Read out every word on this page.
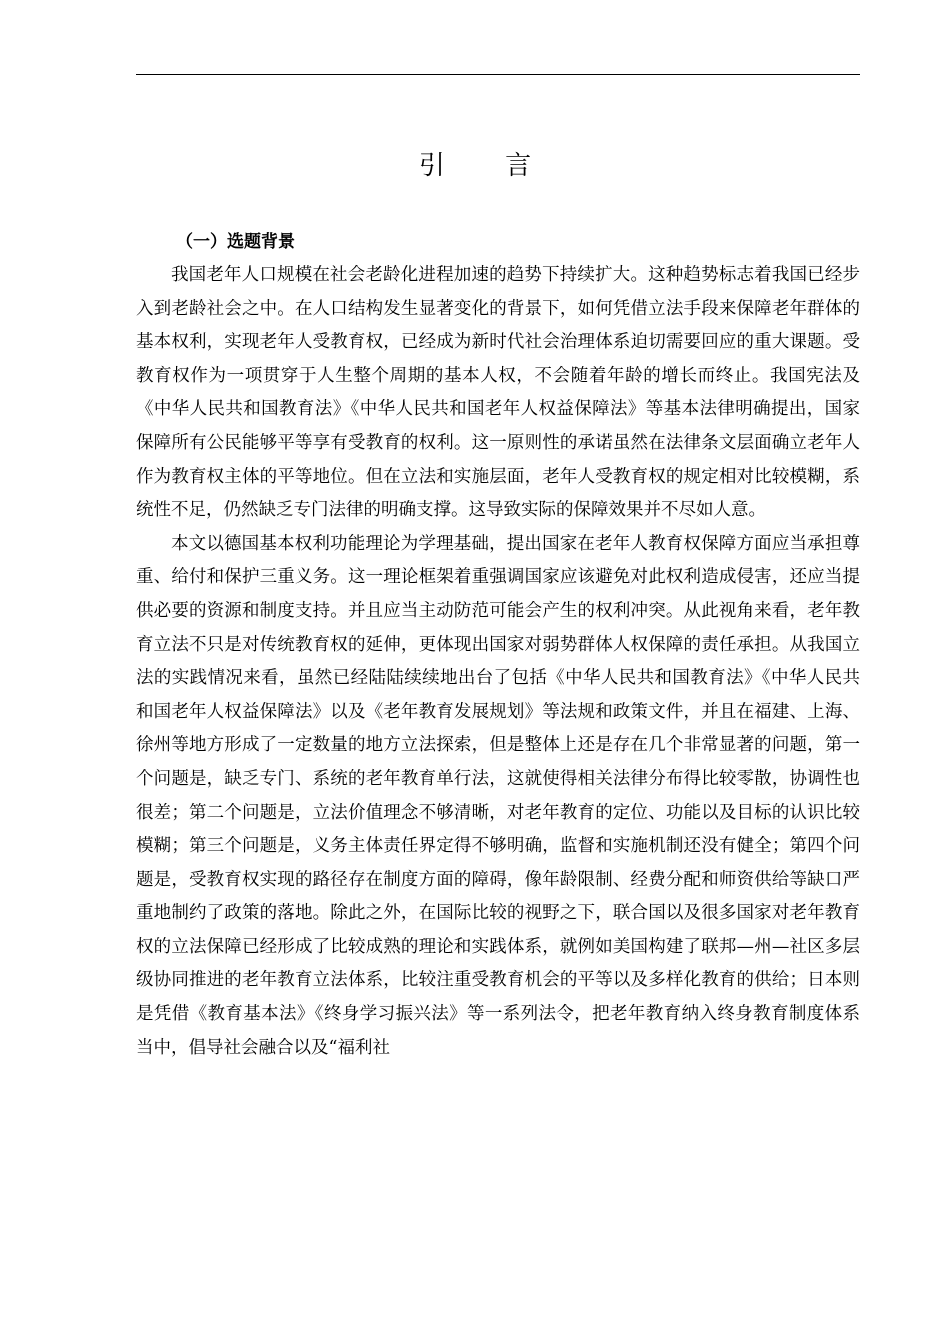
引 言
（一）选题背景

我国老年人口规模在社会老龄化进程加速的趋势下持续扩大。这种趋势标志着我国已经步入到老龄社会之中。在人口结构发生显著变化的背景下，如何凭借立法手段来保障老年群体的基本权利，实现老年人受教育权，已经成为新时代社会治理体系迫切需要回应的重大课题。受教育权作为一项贯穿于人生整个周期的基本人权，不会随着年龄的增长而终止。我国宪法及《中华人民共和国教育法》《中华人民共和国老年人权益保障法》等基本法律明确提出，国家保障所有公民能够平等享有受教育的权利。这一原则性的承诺虽然在法律条文层面确立老年人作为教育权主体的平等地位。但在立法和实施层面，老年人受教育权的规定相对比较模糊，系统性不足，仍然缺乏专门法律的明确支撑。这导致实际的保障效果并不尽如人意。

本文以德国基本权利功能理论为学理基础，提出国家在老年人教育权保障方面应当承担尊重、给付和保护三重义务。这一理论框架着重强调国家应该避免对此权利造成侵害，还应当提供必要的资源和制度支持。并且应当主动防范可能会产生的权利冲突。从此视角来看，老年教育立法不只是对传统教育权的延伸，更体现出国家对弱势群体人权保障的责任承担。从我国立法的实践情况来看，虽然已经陆陆续续地出台了包括《中华人民共和国教育法》《中华人民共和国老年人权益保障法》以及《老年教育发展规划》等法规和政策文件，并且在福建、上海、徐州等地方形成了一定数量的地方立法探索，但是整体上还是存在几个非常显著的问题，第一个问题是，缺乏专门、系统的老年教育单行法，这就使得相关法律分布得比较零散，协调性也很差；第二个问题是，立法价值理念不够清晰，对老年教育的定位、功能以及目标的认识比较模糊；第三个问题是，义务主体责任界定得不够明确，监督和实施机制还没有健全；第四个问题是，受教育权实现的路径存在制度方面的障碍，像年龄限制、经费分配和师资供给等缺口严重地制约了政策的落地。除此之外，在国际比较的视野之下，联合国以及很多国家对老年教育权的立法保障已经形成了比较成熟的理论和实践体系，就例如美国构建了联邦—州—社区多层级协同推进的老年教育立法体系，比较注重受教育机会的平等以及多样化教育的供给；日本则是凭借《教育基本法》《终身学习振兴法》等一系列法令，把老年教育纳入终身教育制度体系当中，倡导社会融合以及“福利社
